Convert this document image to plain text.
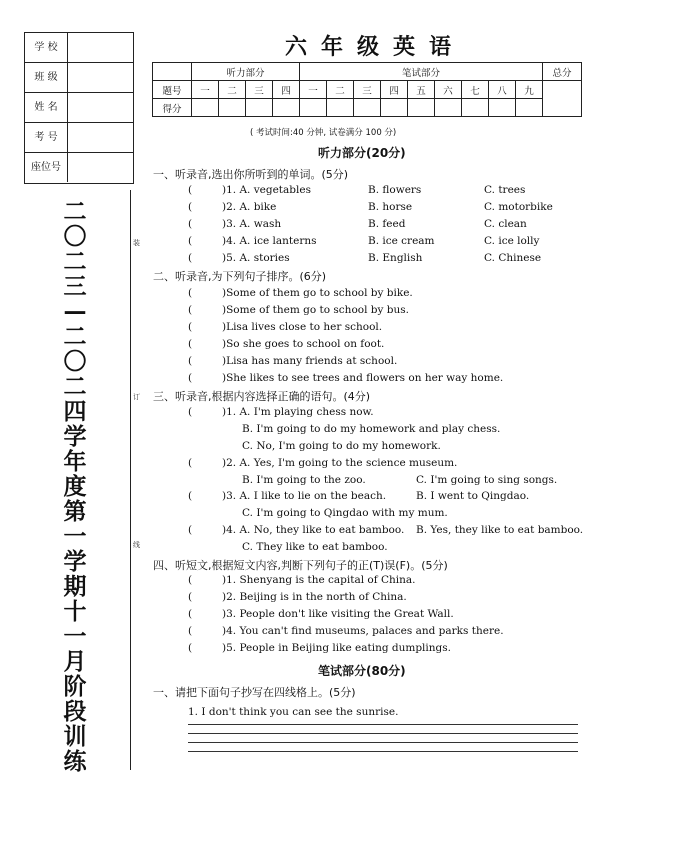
学 校
班 级
姓 名
考 号
座位号
二〇二三—二〇二四学年度第一学期十一月阶段训练
装
订
线
六年级英语
	听力部分				笔试部分									总分
题号	一	二	三	四	一	二	三	四	五	六	七	八	九	
得分														
( 考试时间:40 分钟, 试卷满分 100 分)
听力部分(20分)
一、听录音,选出你所听到的单词。(5分)
(	)1. A. vegetables	B. flowers	C. trees
(	)2. A. bike	B. horse	C. motorbike
(	)3. A. wash	B. feed	C. clean
(	)4. A. ice lanterns	B. ice cream	C. ice lolly
(	)5. A. stories	B. English	C. Chinese
二、听录音,为下列句子排序。(6分)
(	)Some of them go to school by bike.
(	)Some of them go to school by bus.
(	)Lisa lives close to her school.
(	)So she goes to school on foot.
(	)Lisa has many friends at school.
(	)She likes to see trees and flowers on her way home.
三、听录音,根据内容选择正确的语句。(4分)
(	)1. A. I'm playing chess now.
B. I'm going to do my homework and play chess.
C. No, I'm going to do my homework.
(	)2. A. Yes, I'm going to the science museum.
B. I'm going to the zoo.	C. I'm going to sing songs.
(	)3. A. I like to lie on the beach.	B. I went to Qingdao.
C. I'm going to Qingdao with my mum.
(	)4. A. No, they like to eat bamboo. B. Yes, they like to eat bamboo.
C. They like to eat bamboo.
四、听短文,根据短文内容,判断下列句子的正(T)误(F)。(5分)
(	)1. Shenyang is the capital of China.
(	)2. Beijing is in the north of China.
(	)3. People don't like visiting the Great Wall.
(	)4. You can't find museums, palaces and parks there.
(	)5. People in Beijing like eating dumplings.
笔试部分(80分)
一、请把下面句子抄写在四线格上。(5分)
1. I don't think you can see the sunrise.
